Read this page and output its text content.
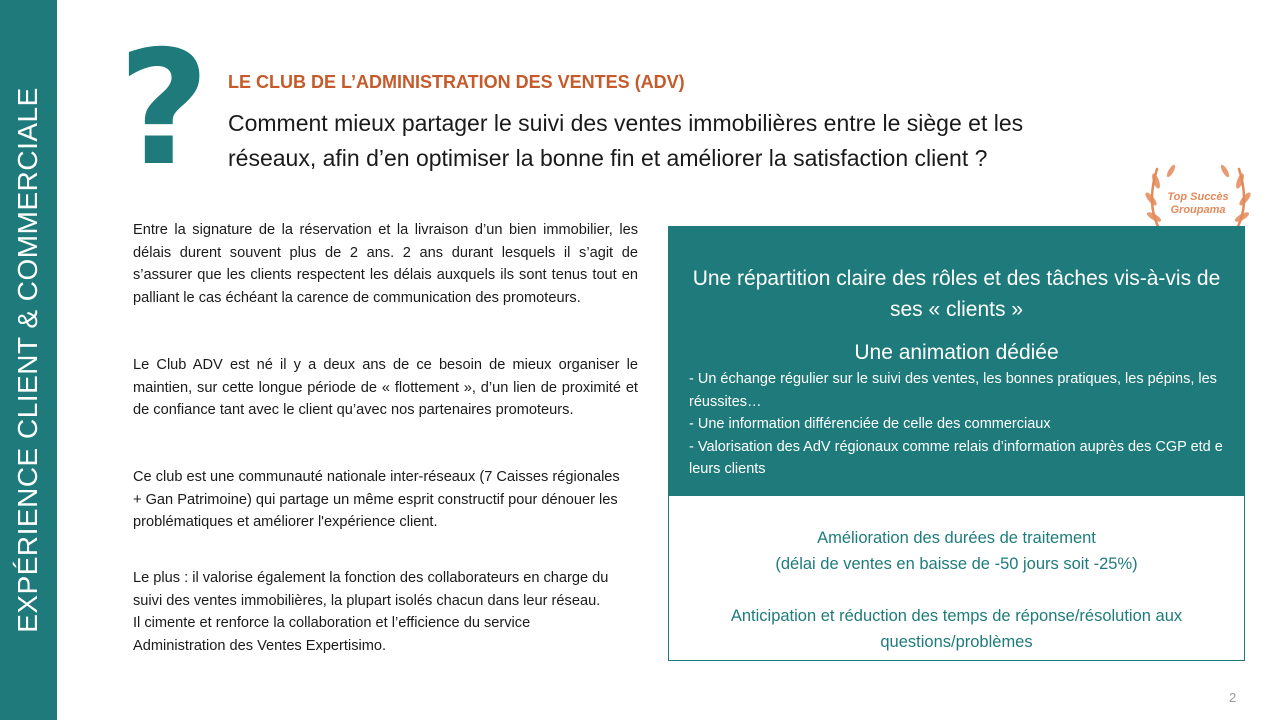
EXPÉRIENCE CLIENT & COMMERCIALE ? LE CLUB DE L’ADMINISTRATION DES VENTES (ADV)
Comment mieux partager le suivi des ventes immobilières entre le siège et les
réseaux, afin d’en optimiser la bonne fin et améliorer la satisfaction client ?
Top Succès
Groupama
Entre la signature de la réservation et la livraison d’un bien immobilier, les délais durent souvent plus de 2 ans. 2 ans durant lesquels il s’agit de s’assurer que les clients respectent les délais auxquels ils sont tenus tout en palliant le cas échéant la carence de communication des promoteurs.
Le Club ADV est né il y a deux ans de ce besoin de mieux organiser le maintien, sur cette longue période de « flottement », d’un lien de proximité et de confiance tant avec le client qu’avec nos partenaires promoteurs.
Ce club est une communauté nationale inter-réseaux (7 Caisses régionales + Gan Patrimoine) qui partage un même esprit constructif pour dénouer les problématiques et améliorer l'expérience client.
Le plus : il valorise également la fonction des collaborateurs en charge du suivi des ventes immobilières, la plupart isolés chacun dans leur réseau.
Il cimente et renforce la collaboration et l’efficience du service Administration des Ventes Expertisimo.
Une répartition claire des rôles et des tâches vis-à-vis de ses « clients »
Une animation dédiée
- Un échange régulier sur le suivi des ventes, les bonnes pratiques, les pépins, les réussites…
- Une information différenciée de celle des commerciaux
- Valorisation des AdV régionaux comme relais d’information auprès des CGP etd e leurs clients
Amélioration des durées de traitement
(délai de ventes en baisse de -50 jours soit -25%)
Anticipation et réduction des temps de réponse/résolution aux questions/problèmes
2
